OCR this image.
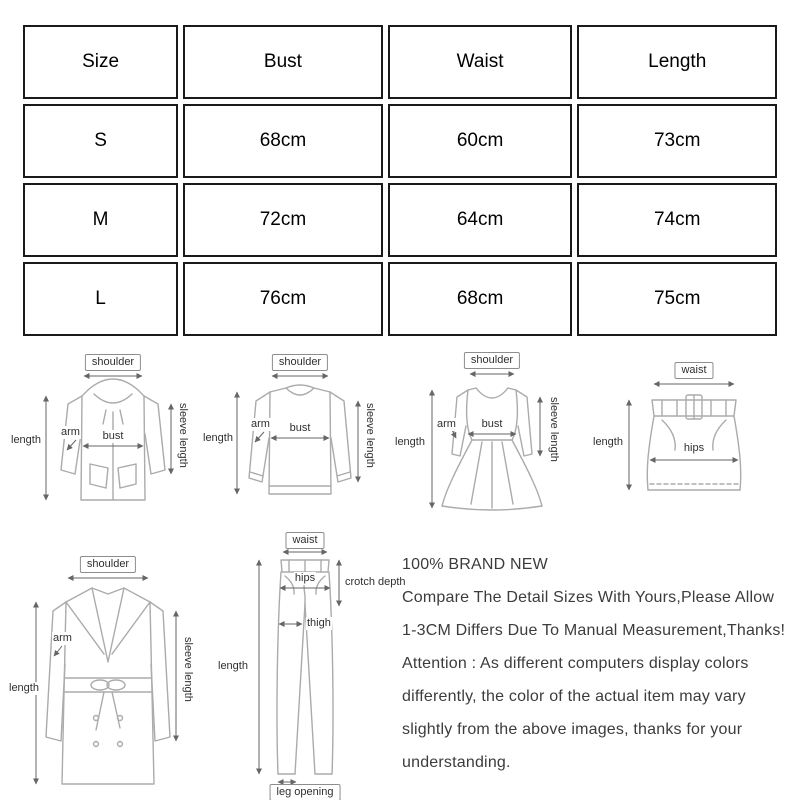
Size	Bust	Waist	Length
S	68cm	60cm	73cm
M	72cm	64cm	74cm
L	76cm	68cm	75cm
shoulder
length
arm bust	sleeve length
shoulder
length
arm bust	sleeve length
shoulder
length
arm bust	sleeve length
waist
length	hips
shoulder
arm
length	sleeve length
waist
hips	crotch depth
thigh
length
leg opening
100% BRAND NEW
Compare The Detail Sizes With Yours,Please Allow
1-3CM Differs Due To Manual Measurement,Thanks!
Attention : As different computers display colors
differently, the color of the actual item may vary
slightly from the above images, thanks for your
understanding.
